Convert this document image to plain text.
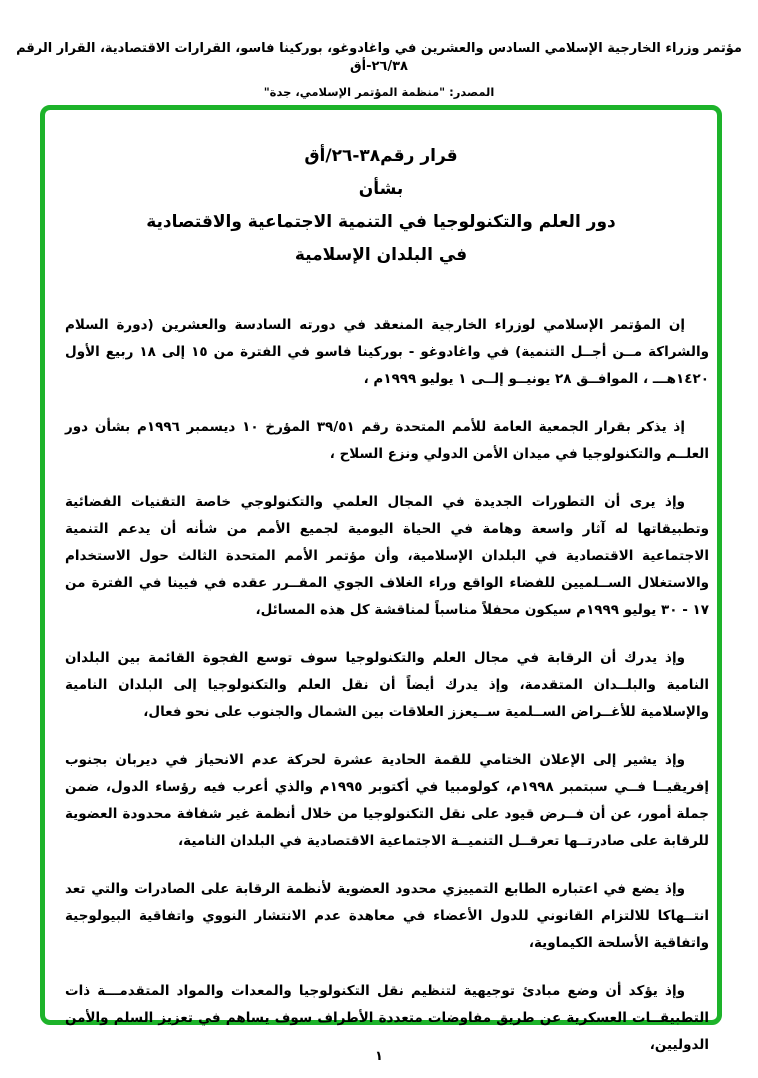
مؤتمر وزراء الخارجية الإسلامي السادس والعشرين في واغادوغو، بوركينا فاسو، القرارات الاقتصادية، القرار الرقم ٢٦/٣٨-أق
المصدر: "منظمة المؤتمر الإسلامي، جدة"
قرار رقم٣٨-٢٦/أق
بشأن
دور العلم والتكنولوجيا في التنمية الاجتماعية والاقتصادية
في البلدان الإسلامية

إن المؤتمر الإسلامي لوزراء الخارجية المنعقد في دورته السادسة والعشرين (دورة السلام والشراكة مــن أجــل التنمية) في واغادوغو - بوركينا فاسو في الفترة من ١٥ إلى ١٨ ربيع الأول ١٤٢٠هـــ ، الموافــق ٢٨ يونيــو إلــى ١ يوليو ١٩٩٩م ،

إذ يذكر بقرار الجمعية العامة للأمم المتحدة رقم ٣٩/٥١ المؤرخ ١٠ ديسمبر ١٩٩٦م بشأن دور العلــم والتكنولوجيا في ميدان الأمن الدولي ونزع السلاح ،

وإذ يرى أن التطورات الجديدة في المجال العلمي والتكنولوجي خاصة التقنيات الفضائية وتطبيقاتها له آثار واسعة وهامة في الحياة اليومية لجميع الأمم من شأنه أن يدعم التنمية الاجتماعية الاقتصادية في البلدان الإسلامية، وأن مؤتمر الأمم المتحدة الثالث حول الاستخدام والاستغلال الســلميين للفضاء الواقع وراء الغلاف الجوي المقــرر عقده في فيينا في الفترة من ١٧ - ٣٠ يوليو ١٩٩٩م سيكون محفلاً مناسباً لمناقشة كل هذه المسائل،

وإذ يدرك أن الرقابة في مجال العلم والتكنولوجيا سوف توسع الفجوة القائمة بين البلدان النامية والبلــدان المتقدمة، وإذ يدرك أيضاً أن نقل العلم والتكنولوجيا إلى البلدان النامية والإسلامية للأغــراض الســلمية ســيعزز العلاقات بين الشمال والجنوب على نحو فعال،

وإذ يشير إلى الإعلان الختامي للقمة الحادية عشرة لحركة عدم الانحياز في ديربان بجنوب إفريقيــا فــي سبتمبر ١٩٩٨م، كولومبيا في أكتوبر ١٩٩٥م والذي أعرب فيه رؤساء الدول، ضمن جملة أمور، عن أن فــرض قيود على نقل التكنولوجيا من خلال أنظمة غير شفافة محدودة العضوية للرقابة على صادرتــها تعرقــل التنميــة الاجتماعية الاقتصادية في البلدان النامية،

وإذ يضع في اعتباره الطابع التمييزي محدود العضوية لأنظمة الرقابة على الصادرات والتي تعد انتــهاكا للالتزام القانوني للدول الأعضاء في معاهدة عدم الانتشار النووي واتفاقية البيولوجية واتفاقية الأسلحة الكيماوية،

وإذ يؤكد أن وضع مبادئ توجيهية لتنظيم نقل التكنولوجيا والمعدات والمواد المتقدمـــة ذات التطبيقــات العسكرية عن طريق مفاوضات متعددة الأطراف سوف يساهم في تعزيز السلم والأمن الدوليين،

١
